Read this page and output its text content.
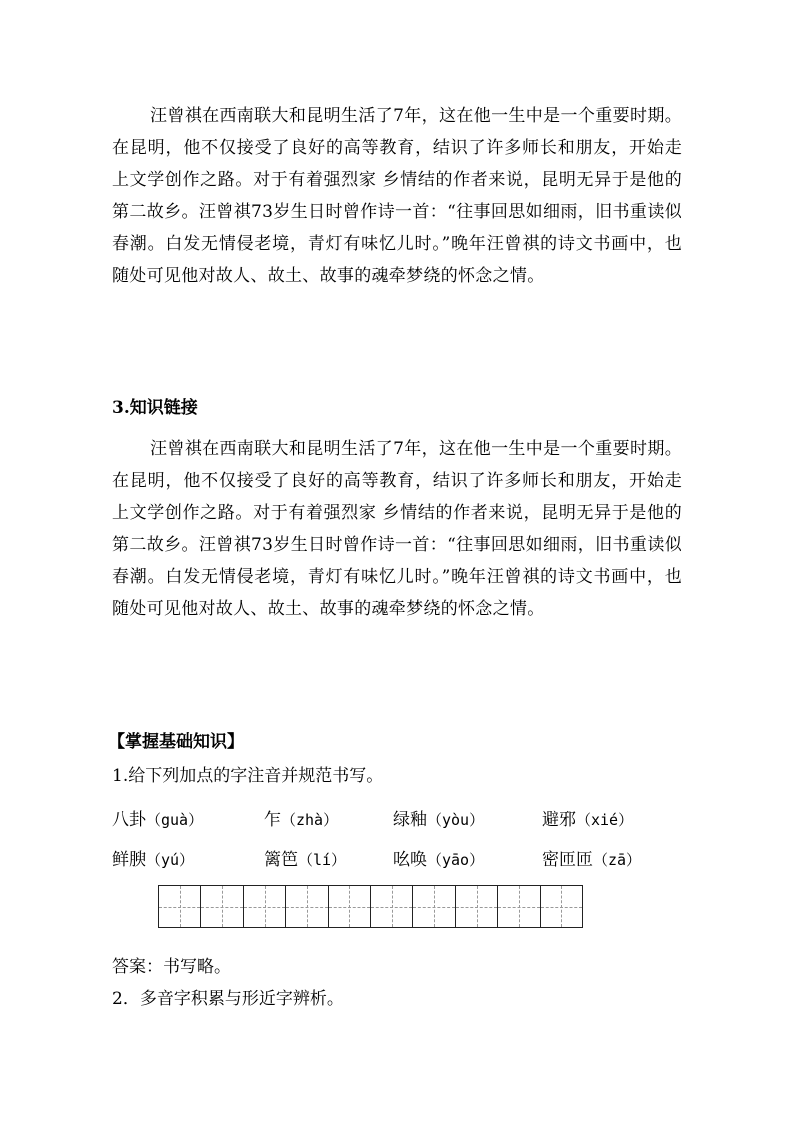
汪曾祺在西南联大和昆明生活了7年，这在他一生中是一个重要时期。在昆明，他不仅接受了良好的高等教育，结识了许多师长和朋友，开始走上文学创作之路。对于有着强烈家 乡情结的作者来说，昆明无异于是他的第二故乡。汪曾祺73岁生日时曾作诗一首：“往事回思如细雨，旧书重读似春潮。白发无情侵老境，青灯有味忆儿时。”晚年汪曾祺的诗文书画中，也随处可见他对故人、故土、故事的魂牵梦绕的怀念之情。
3.知识链接
汪曾祺在西南联大和昆明生活了7年，这在他一生中是一个重要时期。在昆明，他不仅接受了良好的高等教育，结识了许多师长和朋友，开始走上文学创作之路。对于有着强烈家 乡情结的作者来说，昆明无异于是他的第二故乡。汪曾祺73岁生日时曾作诗一首：“往事回思如细雨，旧书重读似春潮。白发无情侵老境，青灯有味忆儿时。”晚年汪曾祺的诗文书画中，也随处可见他对故人、故土、故事的魂牵梦绕的怀念之情。
【掌握基础知识】
1.给下列加点的字注音并规范书写。
八卦（guà）	乍（zhà）	绿釉（yòu）	避邪（xié）
鲜腴（yú）	篱笆（lí）	吆唤（yāo）	密匝匝（zā）
答案：书写略。
2．多音字积累与形近字辨析。
